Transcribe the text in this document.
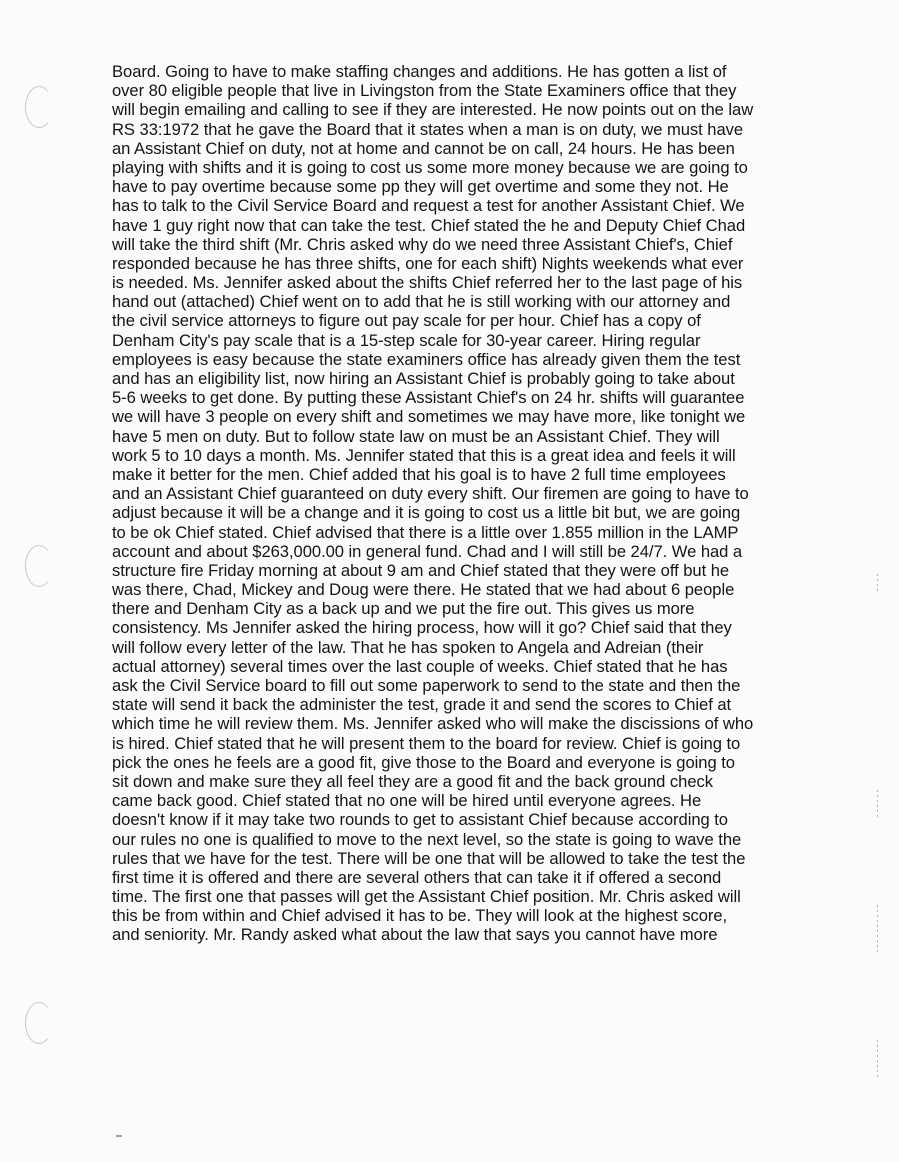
Board. Going to have to make staffing changes and additions. He has gotten a list of
over 80 eligible people that live in Livingston from the State Examiners office that they
will begin emailing and calling to see if they are interested. He now points out on the law
RS 33:1972 that he gave the Board that it states when a man is on duty, we must have
an Assistant Chief on duty, not at home and cannot be on call, 24 hours. He has been
playing with shifts and it is going to cost us some more money because we are going to
have to pay overtime because some pp they will get overtime and some they not. He
has to talk to the Civil Service Board and request a test for another Assistant Chief. We
have 1 guy right now that can take the test. Chief stated the he and Deputy Chief Chad
will take the third shift (Mr. Chris asked why do we need three Assistant Chief's, Chief
responded because he has three shifts, one for each shift) Nights weekends what ever
is needed. Ms. Jennifer asked about the shifts Chief referred her to the last page of his
hand out (attached) Chief went on to add that he is still working with our attorney and
the civil service attorneys to figure out pay scale for per hour. Chief has a copy of
Denham City's pay scale that is a 15-step scale for 30-year career. Hiring regular
employees is easy because the state examiners office has already given them the test
and has an eligibility list, now hiring an Assistant Chief is probably going to take about
5-6 weeks to get done. By putting these Assistant Chief's on 24 hr. shifts will guarantee
we will have 3 people on every shift and sometimes we may have more, like tonight we
have 5 men on duty. But to follow state law on must be an Assistant Chief. They will
work 5 to 10 days a month. Ms. Jennifer stated that this is a great idea and feels it will
make it better for the men. Chief added that his goal is to have 2 full time employees
and an Assistant Chief guaranteed on duty every shift. Our firemen are going to have to
adjust because it will be a change and it is going to cost us a little bit but, we are going
to be ok Chief stated. Chief advised that there is a little over 1.855 million in the LAMP
account and about $263,000.00 in general fund. Chad and I will still be 24/7. We had a
structure fire Friday morning at about 9 am and Chief stated that they were off but he
was there, Chad, Mickey and Doug were there. He stated that we had about 6 people
there and Denham City as a back up and we put the fire out. This gives us more
consistency. Ms Jennifer asked the hiring process, how will it go? Chief said that they
will follow every letter of the law. That he has spoken to Angela and Adreian (their
actual attorney) several times over the last couple of weeks. Chief stated that he has
ask the Civil Service board to fill out some paperwork to send to the state and then the
state will send it back the administer the test, grade it and send the scores to Chief at
which time he will review them. Ms. Jennifer asked who will make the discissions of who
is hired. Chief stated that he will present them to the board for review. Chief is going to
pick the ones he feels are a good fit, give those to the Board and everyone is going to
sit down and make sure they all feel they are a good fit and the back ground check
came back good. Chief stated that no one will be hired until everyone agrees. He
doesn't know if it may take two rounds to get to assistant Chief because according to
our rules no one is qualified to move to the next level, so the state is going to wave the
rules that we have for the test. There will be one that will be allowed to take the test the
first time it is offered and there are several others that can take it if offered a second
time. The first one that passes will get the Assistant Chief position. Mr. Chris asked will
this be from within and Chief advised it has to be. They will look at the highest score,
and seniority. Mr. Randy asked what about the law that says you cannot have more
